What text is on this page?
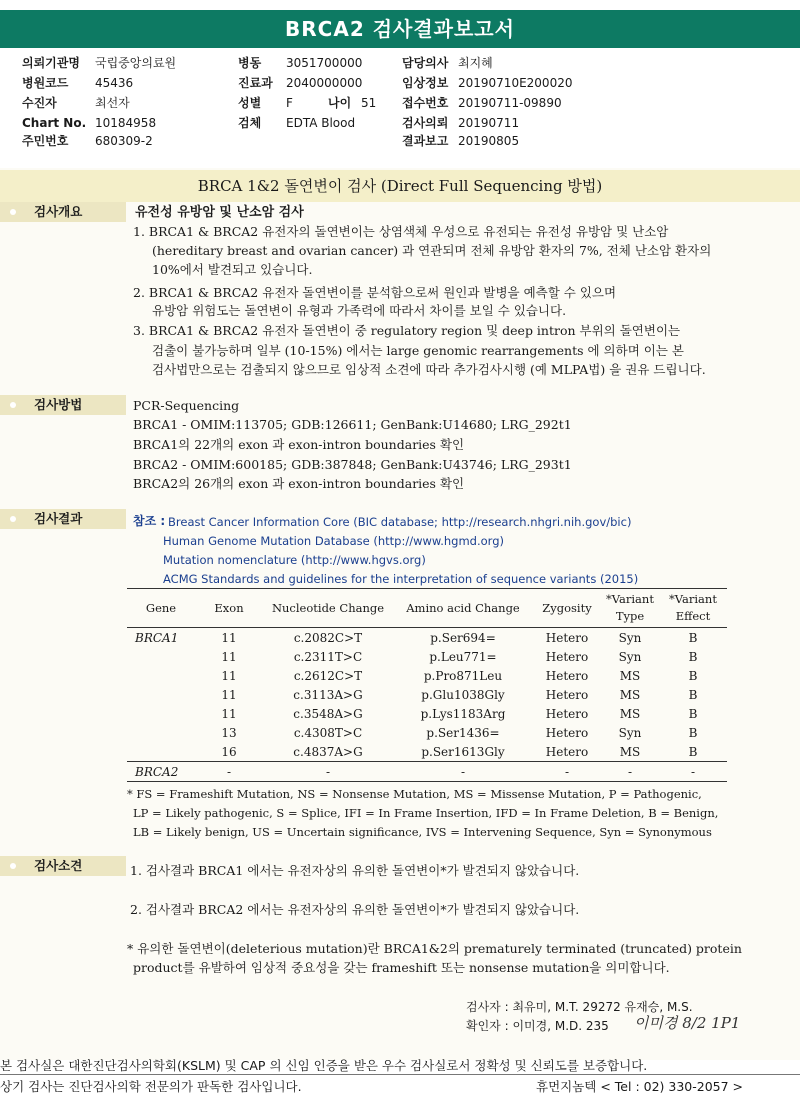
BRCA2 검사결과보고서
의뢰기관명 국립중앙의료원
병원코드 45436
수진자	최선자
Chart No. 10184958
주민번호 680309-2
병동 3051700000
진료과 2040000000
성별 F	나이 51
검체 EDTA Blood
담당의사 최지혜
임상정보 20190710E200020
접수번호 20190711-09890
검사의뢰 20190711
결과보고 20190805
BRCA 1&2 돌연변이 검사 (Direct Full Sequencing 방법)
검사개요	유전성 유방암 및 난소암 검사
1. BRCA1 & BRCA2 유전자의 돌연변이는 상염색체 우성으로 유전되는 유전성 유방암 및 난소암
(hereditary breast and ovarian cancer) 과 연관되며 전체 유방암 환자의 7%, 전체 난소암 환자의
10%에서 발견되고 있습니다.
2. BRCA1 & BRCA2 유전자 돌연변이를 분석함으로써 원인과 발병을 예측할 수 있으며
유방암 위험도는 돌연변이 유형과 가족력에 따라서 차이를 보일 수 있습니다.
3. BRCA1 & BRCA2 유전자 돌연변이 중 regulatory region 및 deep intron 부위의 돌연변이는
검출이 불가능하며 일부 (10-15%) 에서는 large genomic rearrangements 에 의하며 이는 본
검사법만으로는 검출되지 않으므로 임상적 소견에 따라 추가검사시행 (예 MLPA법) 을 권유 드립니다.
검사방법	PCR-Sequencing
BRCA1 - OMIM:113705; GDB:126611; GenBank:U14680; LRG_292t1
BRCA1의 22개의 exon 과 exon-intron boundaries 확인
BRCA2 - OMIM:600185; GDB:387848; GenBank:U43746; LRG_293t1
BRCA2의 26개의 exon 과 exon-intron boundaries 확인
검사결과	참조 : Breast Cancer Information Core (BIC database; http://research.nhgri.nih.gov/bic)
Human Genome Mutation Database (http://www.hgmd.org)
Mutation nomenclature (http://www.hgvs.org)
ACMG Standards and guidelines for the interpretation of sequence variants (2015)
Gene	Exon	Nucleotide Change	Amino acid Change	Zygosity	*Variant Type	*Variant Effect
BRCA1	11	c.2082C>T	p.Ser694=	Hetero	Syn	B
	11	c.2311T>C	p.Leu771=	Hetero	Syn	B
	11	c.2612C>T	p.Pro871Leu	Hetero	MS	B
	11	c.3113A>G	p.Glu1038Gly	Hetero	MS	B
	11	c.3548A>G	p.Lys1183Arg	Hetero	MS	B
	13	c.4308T>C	p.Ser1436=	Hetero	Syn	B
	16	c.4837A>G	p.Ser1613Gly	Hetero	MS	B
BRCA2	-	-	-	-	-	-
* FS = Frameshift Mutation, NS = Nonsense Mutation, MS = Missense Mutation, P = Pathogenic,
LP = Likely pathogenic, S = Splice, IFI = In Frame Insertion, IFD = In Frame Deletion, B = Benign,
LB = Likely benign, US = Uncertain significance, IVS = Intervening Sequence, Syn = Synonymous
검사소견	1. 검사결과 BRCA1 에서는 유전자상의 유의한 돌연변이*가 발견되지 않았습니다.
2. 검사결과 BRCA2 에서는 유전자상의 유의한 돌연변이*가 발견되지 않았습니다.
* 유의한 돌연변이(deleterious mutation)란 BRCA1&2의 prematurely terminated (truncated) protein
product를 유발하여 임상적 중요성을 갖는 frameshift 또는 nonsense mutation을 의미합니다.
검사자 : 최유미, M.T. 29272 유재승, M.S.
확인자 : 이미경, M.D. 235 이미경 8/2 1P1
본 검사실은 대한진단검사의학회(KSLM) 및 CAP 의 신임 인증을 받은 우수 검사실로서 정확성 및 신뢰도를 보증합니다.
상기 검사는 진단검사의학 전문의가 판독한 검사입니다.	휴먼지놈텍 < Tel : 02) 330-2057 >
